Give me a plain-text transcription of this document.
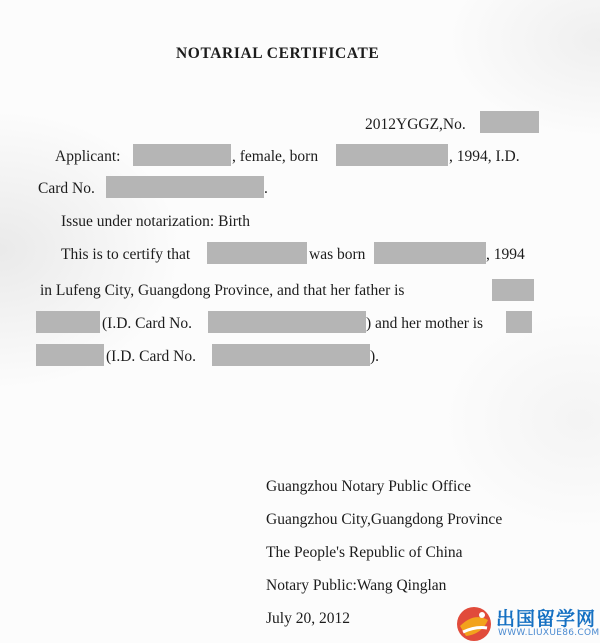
NOTARIAL CERTIFICATE
2012YGGZ,No.
Applicant:	, female, born	, 1994, I.D.
Card No.	.
Issue under notarization: Birth
This is to certify that	was born	, 1994
in Lufeng City, Guangdong Province, and that her father is
(I.D. Card No.	) and her mother is
(I.D. Card No.	).
Guangzhou Notary Public Office
Guangzhou City,Guangdong Province
The People's Republic of China
Notary Public:Wang Qinglan
July 20, 2012	出国留学网
WWW.LIUXUE86.COM
